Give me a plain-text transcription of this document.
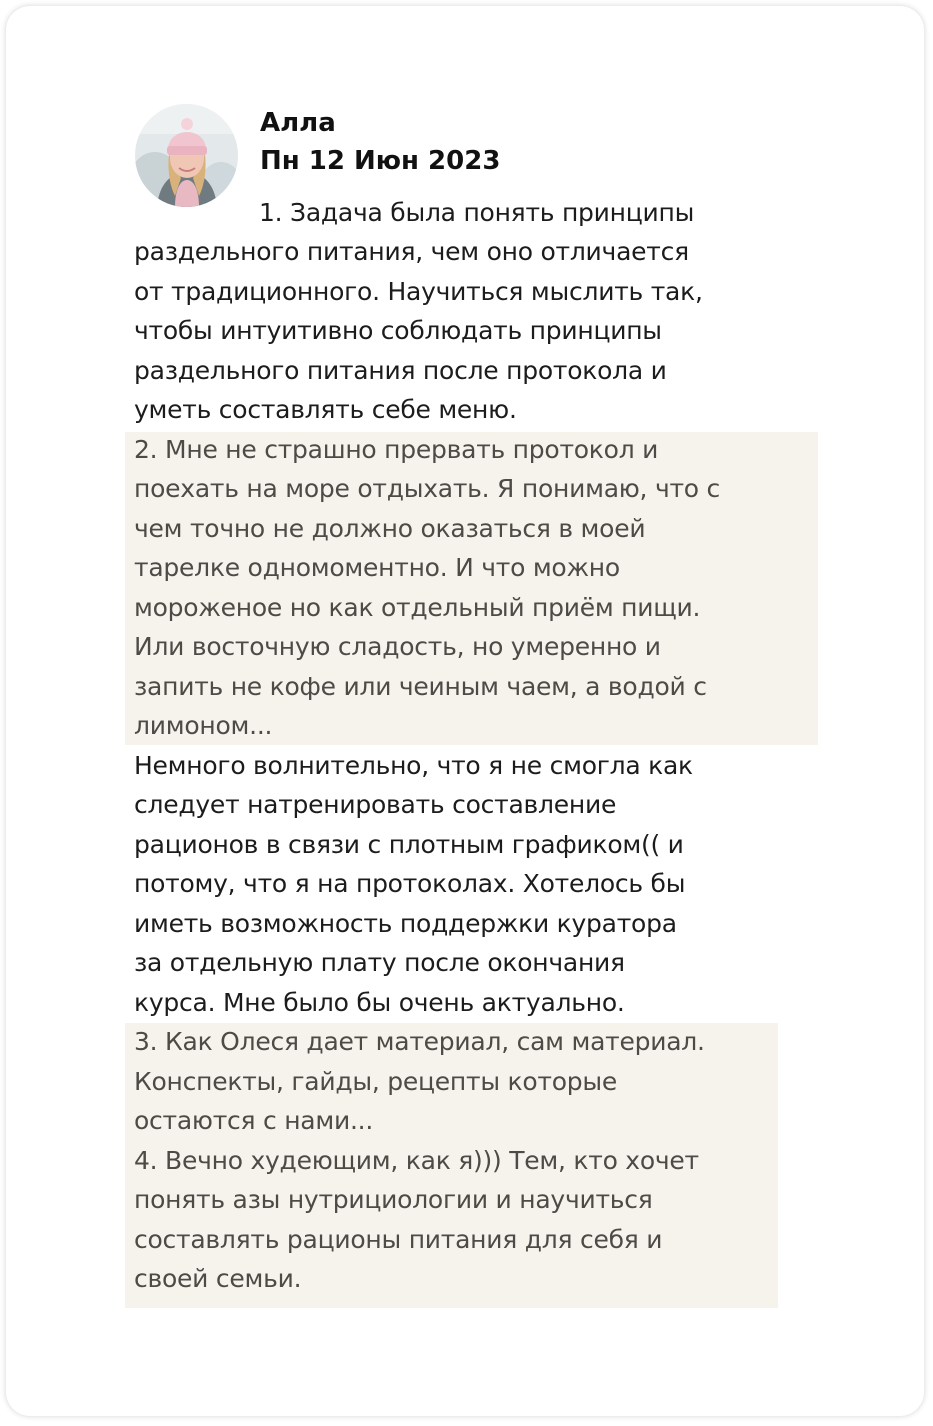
Алла
Пн 12 Июн 2023
1. Задача была понять принципы
раздельного питания, чем оно отличается
от традиционного. Научиться мыслить так,
чтобы интуитивно соблюдать принципы
раздельного питания после протокола и
уметь составлять себе меню.
2. Мне не страшно прервать протокол и
поехать на море отдыхать. Я понимаю, что с
чем точно не должно оказаться в моей
тарелке одномоментно. И что можно
мороженое но как отдельный приём пищи.
Или восточную сладость, но умеренно и
запить не кофе или чеиным чаем, а водой с
лимоном...
Немного волнительно, что я не смогла как
следует натренировать составление
рационов в связи с плотным графиком(( и
потому, что я на протоколах. Хотелось бы
иметь возможность поддержки куратора
за отдельную плату после окончания
курса. Мне было бы очень актуально.
3. Как Олеся дает материал, сам материал.
Конспекты, гайды, рецепты которые
остаются с нами...
4. Вечно худеющим, как я))) Тем, кто хочет
понять азы нутрициологии и научиться
составлять рационы питания для себя и
своей семьи.
